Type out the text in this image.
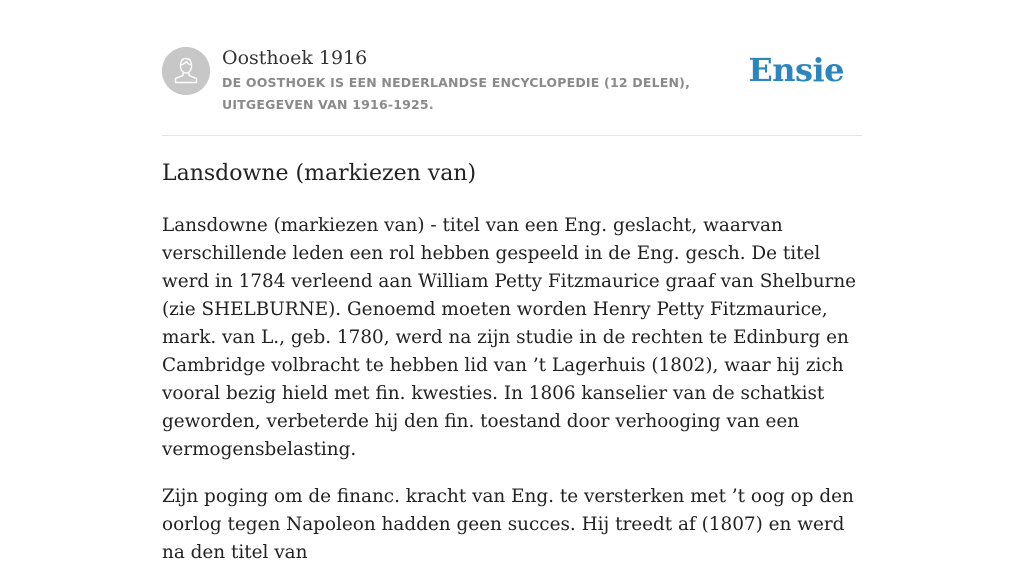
Oosthoek 1916
DE OOSTHOEK IS EEN NEDERLANDSE ENCYCLOPEDIE (12 DELEN), UITGEGEVEN VAN 1916-1925.
Ensie
Lansdowne (markiezen van)

Lansdowne (markiezen van) - titel van een Eng. geslacht, waarvan verschillende leden een rol hebben gespeeld in de Eng. gesch. De titel werd in 1784 verleend aan William Petty Fitzmaurice graaf van Shelburne (zie SHELBURNE). Genoemd moeten worden Henry Petty Fitzmaurice, mark. van L., geb. 1780, werd na zijn studie in de rechten te Edinburg en Cambridge volbracht te hebben lid van ’t Lagerhuis (1802), waar hij zich vooral bezig hield met fin. kwesties. In 1806 kanselier van de schatkist geworden, verbeterde hij den fin. toestand door verhooging van een vermogensbelasting.

Zijn poging om de financ. kracht van Eng. te versterken met ’t oog op den oorlog tegen Napoleon hadden geen succes. Hij treedt af (1807) en werd na den titel van
